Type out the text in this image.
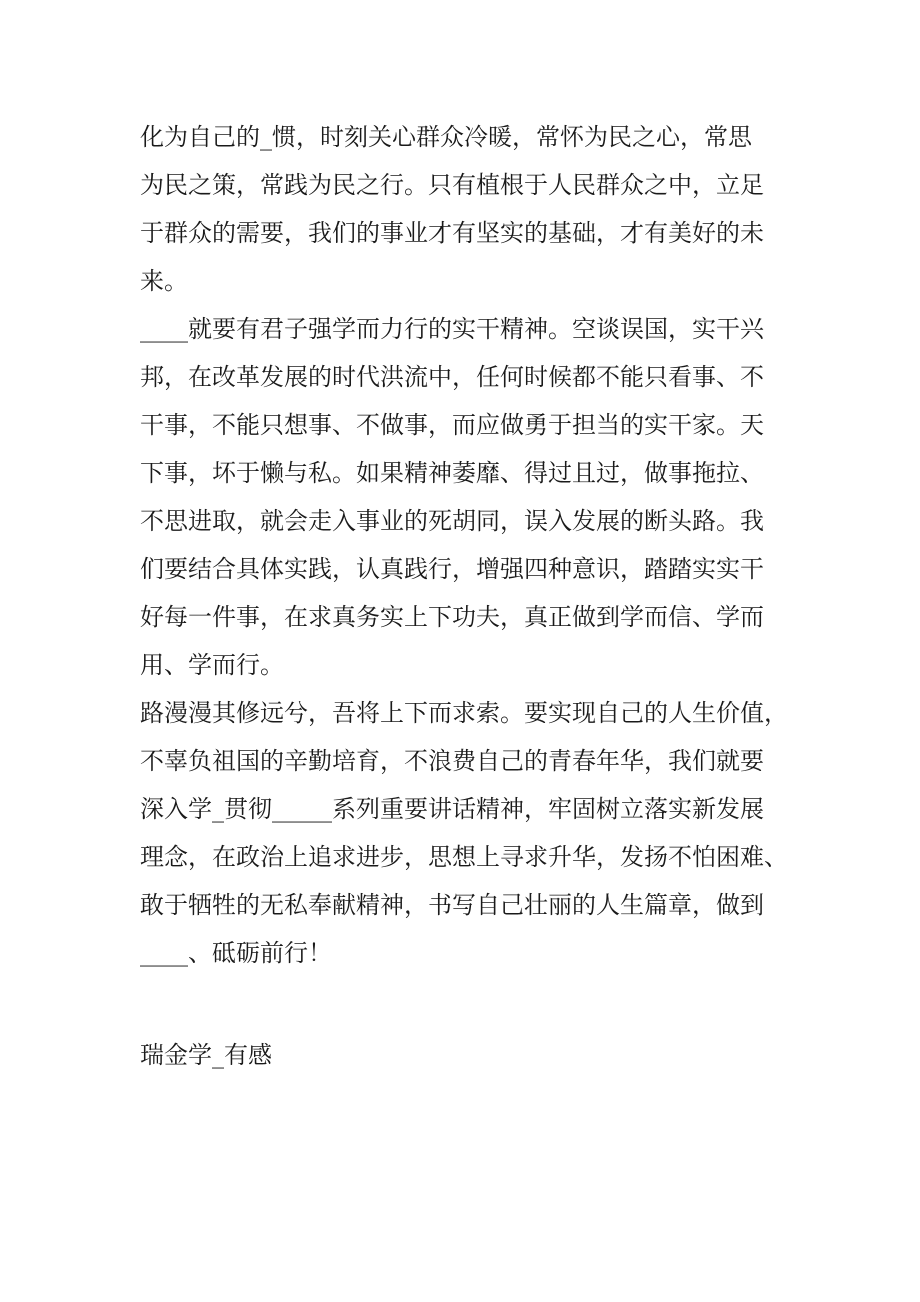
化为自己的_惯，时刻关心群众冷暖，常怀为民之心，常思
为民之策，常践为民之行。只有植根于人民群众之中，立足
于群众的需要，我们的事业才有坚实的基础，才有美好的未
来。
____就要有君子强学而力行的实干精神。空谈误国，实干兴
邦，在改革发展的时代洪流中，任何时候都不能只看事、不
干事，不能只想事、不做事，而应做勇于担当的实干家。天
下事，坏于懒与私。如果精神萎靡、得过且过，做事拖拉、
不思进取，就会走入事业的死胡同，误入发展的断头路。我
们要结合具体实践，认真践行，增强四种意识，踏踏实实干
好每一件事，在求真务实上下功夫，真正做到学而信、学而
用、学而行。
路漫漫其修远兮，吾将上下而求索。要实现自己的人生价值，
不辜负祖国的辛勤培育，不浪费自己的青春年华，我们就要
深入学_贯彻_____系列重要讲话精神，牢固树立落实新发展
理念，在政治上追求进步，思想上寻求升华，发扬不怕困难、
敢于牺牲的无私奉献精神，书写自己壮丽的人生篇章，做到
____、砥砺前行！
瑞金学_有感
